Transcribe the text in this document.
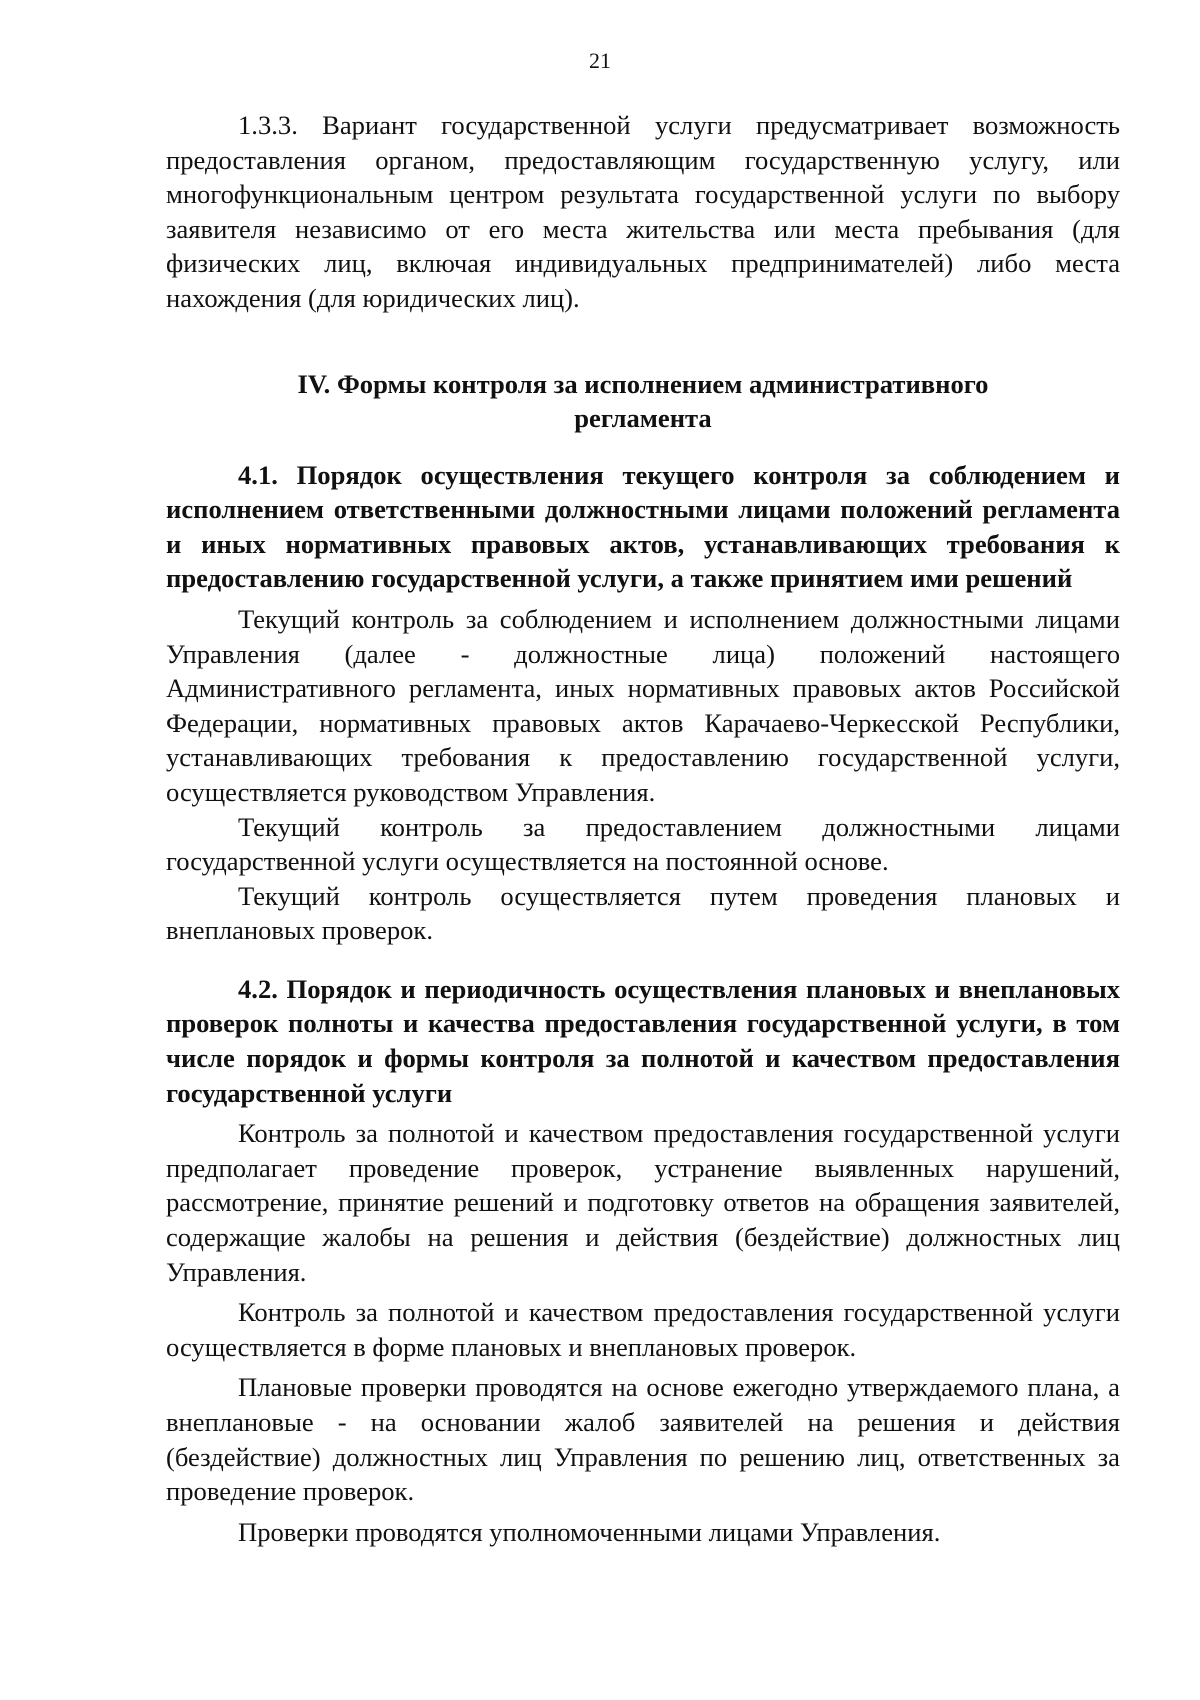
21

1.3.3. Вариант государственной услуги предусматривает возможность предоставления органом, предоставляющим государственную услугу, или многофункциональным центром результата государственной услуги по выбору заявителя независимо от его места жительства или места пребывания (для физических лиц, включая индивидуальных предпринимателей) либо места нахождения (для юридических лиц).

IV. Формы контроля за исполнением административного
регламента

4.1. Порядок осуществления текущего контроля за соблюдением и исполнением ответственными должностными лицами положений регламента и иных нормативных правовых актов, устанавливающих требования к предоставлению государственной услуги, а также принятием ими решений

Текущий контроль за соблюдением и исполнением должностными лицами Управления (далее - должностные лица) положений настоящего Административного регламента, иных нормативных правовых актов Российской Федерации, нормативных правовых актов Карачаево-Черкесской Республики, устанавливающих требования к предоставлению государственной услуги, осуществляется руководством Управления.

Текущий контроль за предоставлением должностными лицами государственной услуги осуществляется на постоянной основе.

Текущий контроль осуществляется путем проведения плановых и внеплановых проверок.

4.2. Порядок и периодичность осуществления плановых и внеплановых проверок полноты и качества предоставления государственной услуги, в том числе порядок и формы контроля за полнотой и качеством предоставления государственной услуги

Контроль за полнотой и качеством предоставления государственной услуги предполагает проведение проверок, устранение выявленных нарушений, рассмотрение, принятие решений и подготовку ответов на обращения заявителей, содержащие жалобы на решения и действия (бездействие) должностных лиц Управления.

Контроль за полнотой и качеством предоставления государственной услуги осуществляется в форме плановых и внеплановых проверок.

Плановые проверки проводятся на основе ежегодно утверждаемого плана, а внеплановые - на основании жалоб заявителей на решения и действия (бездействие) должностных лиц Управления по решению лиц, ответственных за проведение проверок.

Проверки проводятся уполномоченными лицами Управления.
